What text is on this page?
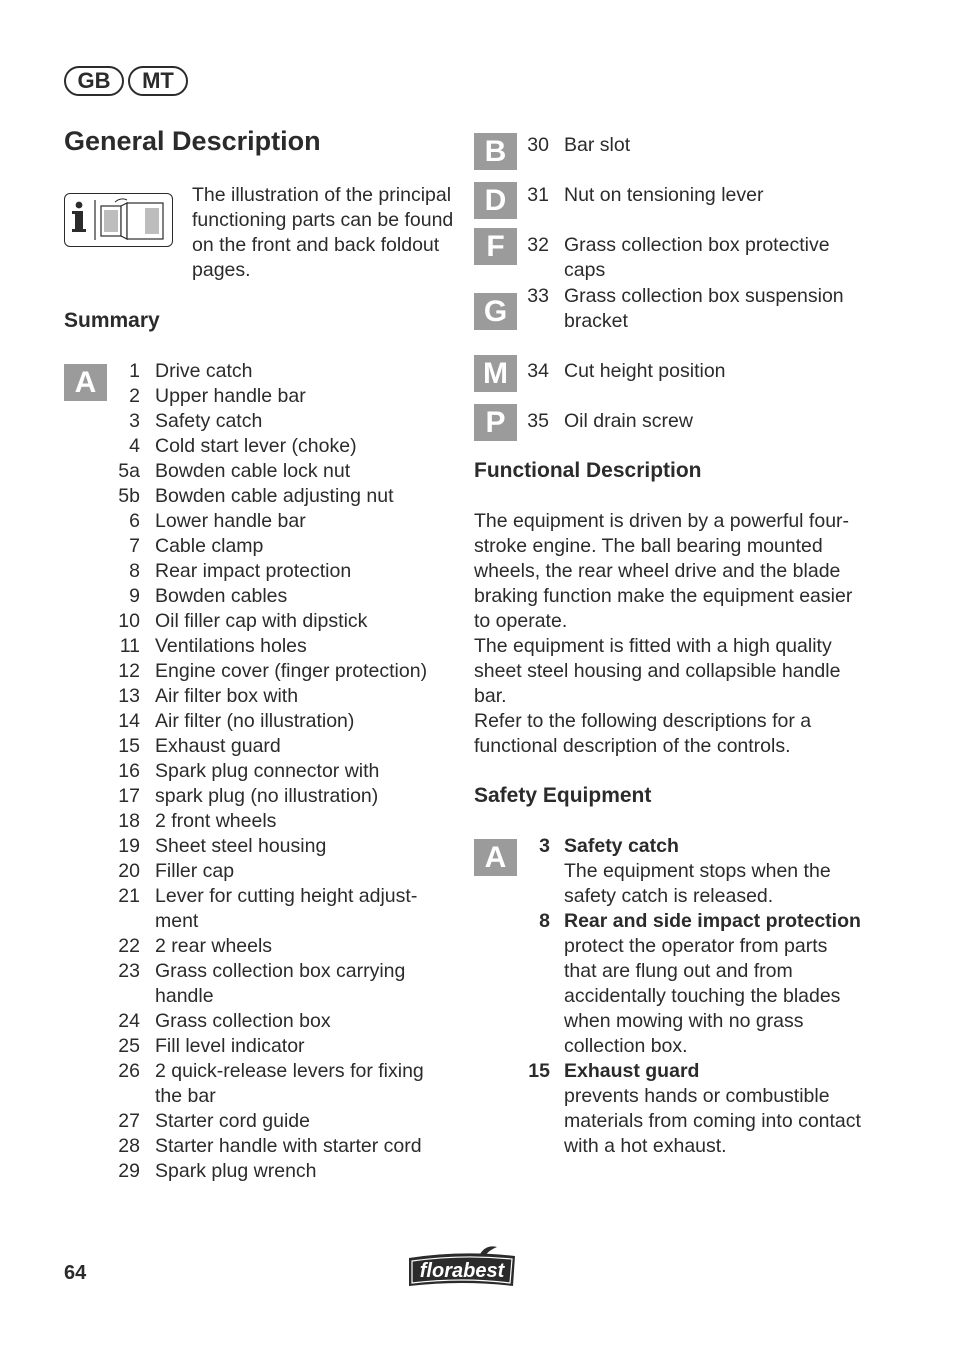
GB	MT
General Description
The illustration of the principal functioning parts can be found on the front and back foldout pages.
Summary
A	1 Drive catch
2 Upper handle bar
3 Safety catch
4 Cold start lever (choke)
5a Bowden cable lock nut
5b Bowden cable adjusting nut
6 Lower handle bar
7 Cable clamp
8 Rear impact protection
9 Bowden cables
10 Oil filler cap with dipstick
11 Ventilations holes
12 Engine cover (finger protection)
13 Air filter box with
14 Air filter (no illustration)
15 Exhaust guard
16 Spark plug connector with
17 spark plug (no illustration)
18 2 front wheels
19 Sheet steel housing
20 Filler cap
21 Lever for cutting height adjust-ment
22 2 rear wheels
23 Grass collection box carrying handle
24 Grass collection box
25 Fill level indicator
26 2 quick-release levers for fixing the bar
27 Starter cord guide
28 Starter handle with starter cord
29 Spark plug wrench
B
D
F
G
M
P
30 Bar slot
31 Nut on tensioning lever
32 Grass collection box protective caps
33 Grass collection box suspension bracket
34 Cut height position
35 Oil drain screw
Functional Description

The equipment is driven by a powerful four-stroke engine. The ball bearing mounted wheels, the rear wheel drive and the blade braking function make the equipment easier to operate.

The equipment is fitted with a high quality sheet steel housing and collapsible handle bar.

Refer to the following descriptions for a functional description of the controls.

Safety Equipment
A	3 Safety catch
The equipment stops when the safety catch is released.
8 Rear and side impact protection
protect the operator from parts that are flung out and from accidentally touching the blades when mowing with no grass collection box.
15 Exhaust guard
prevents hands or combustible materials from coming into contact with a hot exhaust.
64	florabest
